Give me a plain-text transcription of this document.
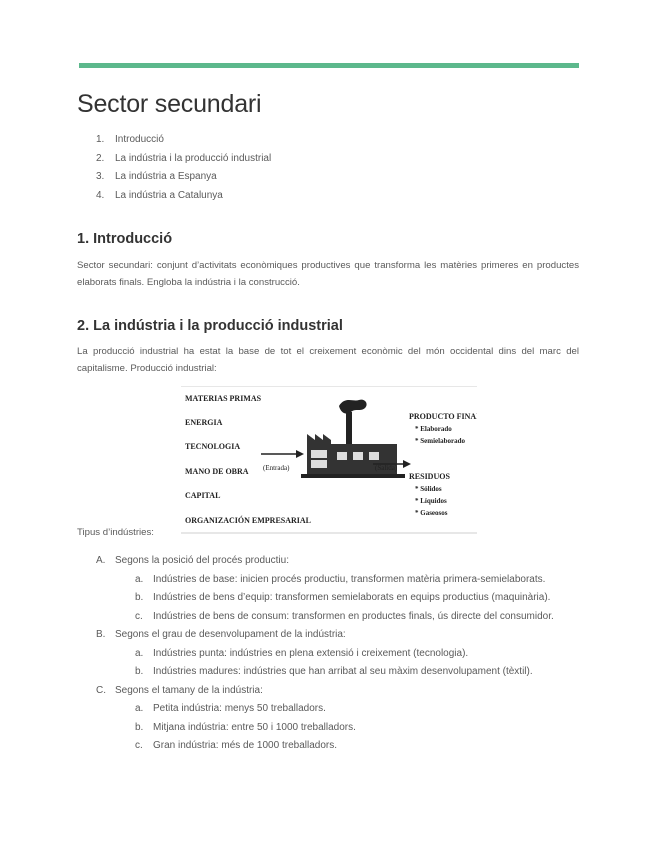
Sector secundari
1. Introducció
2. La indústria i la producció industrial
3. La indústria a Espanya
4. La indústria a Catalunya
1. Introducció

Sector secundari: conjunt d’activitats econòmiques productives que transforma les matèries primeres en productes elaborats finals. Engloba la indústria i la construcció.

2. La indústria i la producció industrial

La producció industrial ha estat la base de tot el creixement econòmic del món occidental dins del marc del capitalisme. Producció industrial:

MATERIAS PRIMAS
ENERGIA
TECNOLOGIA
MANO DE OBRA
CAPITAL
ORGANIZACIÓN EMPRESARIAL
(Entrada)	(Salida)
PRODUCTO FINAL
* Elaborado
* Semielaborado
RESIDUOS
* Sólidos
* Líquidos
* Gaseosos

Tipus d’indústries:

A. Segons la posició del procés productiu:
a. Indústries de base: inicien procés productiu, transformen matèria primera-semielaborats.
b. Indústries de bens d’equip: transformen semielaborats en equips productius (maquinària).
c. Indústries de bens de consum: transformen en productes finals, ús directe del consumidor.
B. Segons el grau de desenvolupament de la indústria:
a. Indústries punta: indústries en plena extensió i creixement (tecnologia).
b. Indústries madures: indústries que han arribat al seu màxim desenvolupament (tèxtil).
C. Segons el tamany de la indústria:
a. Petita indústria: menys 50 treballadors.
b. Mitjana indústria: entre 50 i 1000 treballadors.
c. Gran indústria: més de 1000 treballadors.
